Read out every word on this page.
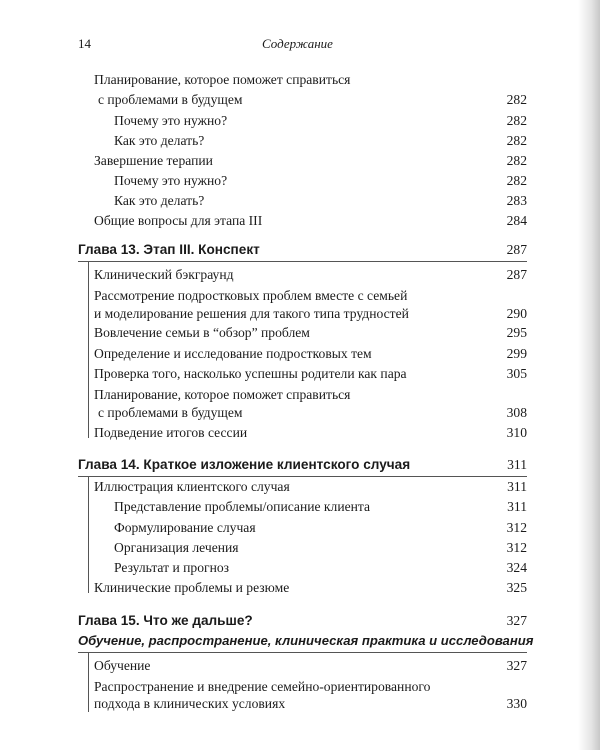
14	Содержание
Планирование, которое поможет справиться
с проблемами в будущем	282
Почему это нужно?	282
Как это делать?	282
Завершение терапии	282
Почему это нужно?	282
Как это делать?	283
Общие вопросы для этапа III	284
Глава 13. Этап III. Конспект	287
Клинический бэкграунд	287
Рассмотрение подростковых проблем вместе с семьей
и моделирование решения для такого типа трудностей	290
Вовлечение семьи в “обзор” проблем	295
Определение и исследование подростковых тем	299
Проверка того, насколько успешны родители как пара	305
Планирование, которое поможет справиться
с проблемами в будущем	308
Подведение итогов сессии	310
Глава 14. Краткое изложение клиентского случая	311
Иллюстрация клиентского случая	311
Представление проблемы/описание клиента	311
Формулирование случая	312
Организация лечения	312
Результат и прогноз	324
Клинические проблемы и резюме	325
Глава 15. Что же дальше?	327
Обучение, распространение, клиническая практика и исследования
Обучение	327
Распространение и внедрение семейно-ориентированного
подхода в клинических условиях	330
